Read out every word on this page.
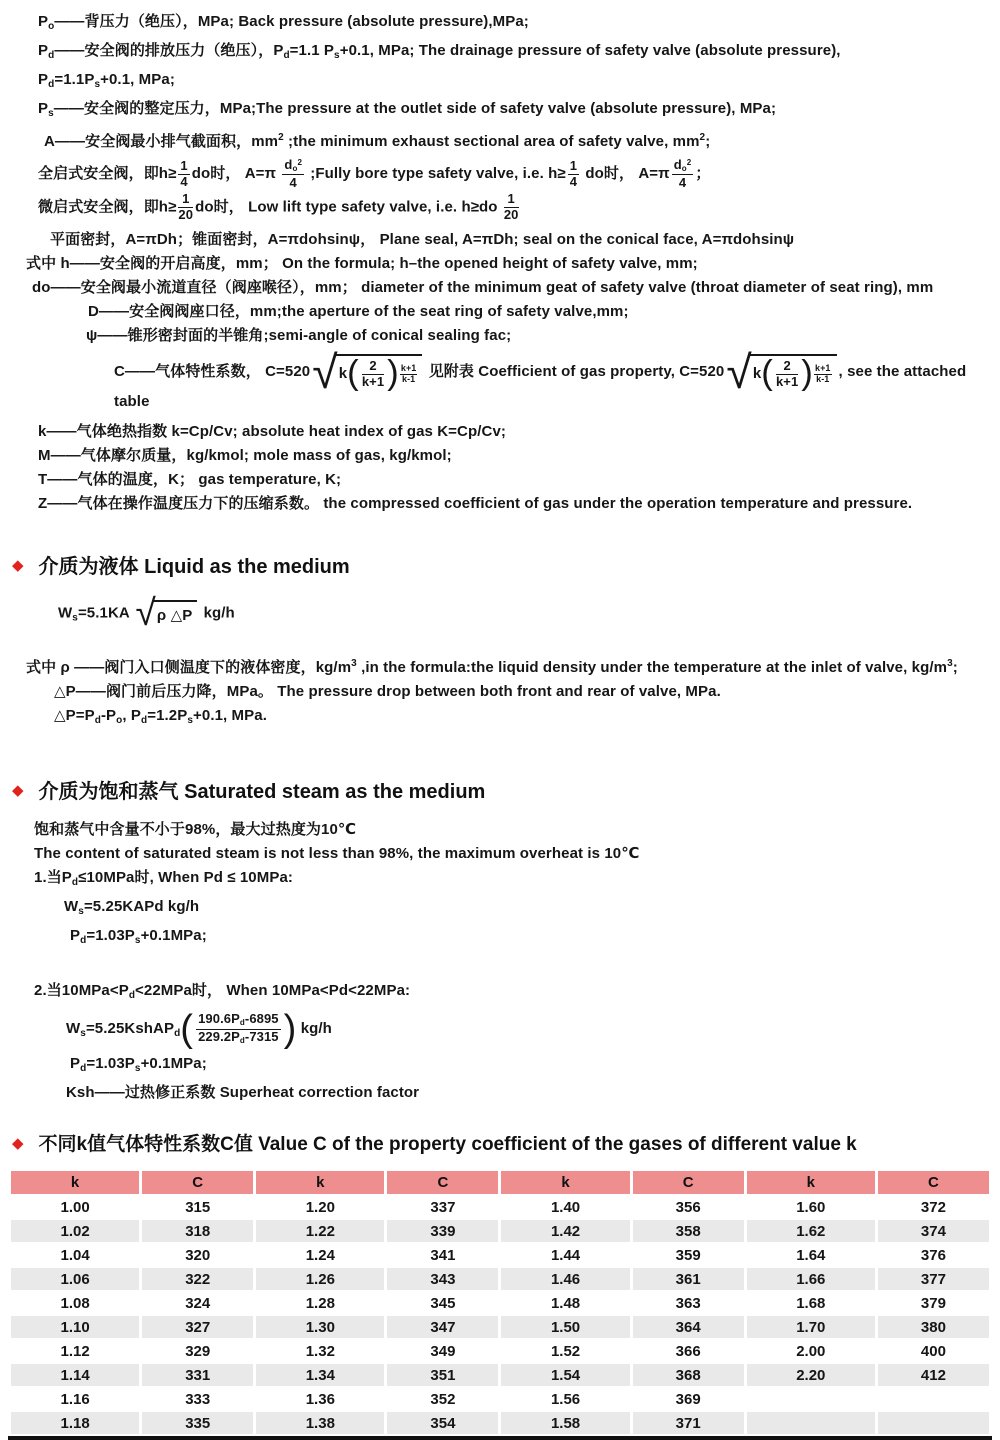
$P_o——$背压力（绝压），MPa; Back pressure (absolute pressure),MPa;
$P_d——$安全阀的排放压力（绝压），$P_d=1.1$ $P_s+0.1$, MPa; The drainage pressure of safety valve (absolute pressure),
$P_d=1.1P_s+0.1$, MPa;
$P_s——$安全阀的整定压力，MPa;The pressure at the outlet side of safety valve (absolute pressure), MPa;
A——安全阀最小排气截面积，$mm^2$ ;the minimum exhaust sectional area of safety valve, $mm^2$;
全启式安全阀，即$h\ge \frac{1}{4}$ do时， $A=\pi \frac{d_o^2}{4}$ ;Fully bore type safety valve, i.e. $h\ge \frac{1}{4}$ do时， $A=\pi \frac{d_o^2}{4}$ ；
微启式安全阀，即$h\ge \frac{1}{20}$ do时， Low lift type safety valve, i.e. $h\ge do \frac{1}{20}$
平面密封，A=πDh；锥面密封，A=πdohsinψ， Plane seal, A=πDh; seal on the conical face, A=πdohsinψ
式中 h——安全阀的开启高度，mm； On the formula; h–the opened height of safety valve, mm;
do——安全阀最小流道直径（阀座喉径），mm； diameter of the minimum geat of safety valve (throat diameter of seat ring), mm
D——安全阀阀座口径，mm;the aperture of the seat ring of safety valve,mm;
ψ——锥形密封面的半锥角;semi-angle of conical sealing fac;
C——气体特性系数， C=520 √ k ( $\frac{2}{k+1}$ ) k+1
k-1 见附表 Coefficient of gas property, C=520 √ k ( $\frac{2}{k+1}$ ) k+1
k-1 , see the attached table
k——气体绝热指数 k=Cp/Cv; absolute heat index of gas K=Cp/Cv;
M——气体摩尔质量，kg/kmol; mole mass of gas, kg/kmol;
T——气体的温度，K； gas temperature, K;
Z——气体在操作温度压力下的压缩系数。 the compressed coefficient of gas under the operation temperature and pressure.
◆ 介质为液体 Liquid as the medium
$W_s=5.1KA$ √ ρ △P kg/h
式中 ρ ——阀门入口侧温度下的液体密度，$kg/m^3$ ,in the formula:the liquid density under the temperature at the inlet of valve, $kg/m^3$;
△P——阀门前后压力降，MPa。 The pressure drop between both front and rear of valve, MPa.
$\triangle P=P_d-P_o$, $P_d=1.2P_s+0.1$, MPa.
◆ 介质为饱和蒸气 Saturated steam as the medium
饱和蒸气中含量不小于98%，最大过热度为10℃
The content of saturated steam is not less than 98%, the maximum overheat is 10℃
1.当$P_d\le 10MPa$时, When Pd ≤ 10MPa:
$W_s=5.25KAPd$ kg/h
$P_d=1.03P_s+0.1MPa$;
2.当$10MPa<P_d<22MPa$时， When 10MPa<Pd<22MPa:
$W_s=5.25KshAP_d$ ( $\frac{190.6P_d-6895}{229.2P_d-7315}$ ) kg/h
$P_d=1.03P_s+0.1MPa$;
Ksh——过热修正系数 Superheat correction factor
◆ 不同k值气体特性系数C值 Value C of the property coefficient of the gases of different value k
k	C	k	C	k	C	k	C
1.00	315	1.20	337	1.40	356	1.60	372
1.02	318	1.22	339	1.42	358	1.62	374
1.04	320	1.24	341	1.44	359	1.64	376
1.06	322	1.26	343	1.46	361	1.66	377
1.08	324	1.28	345	1.48	363	1.68	379
1.10	327	1.30	347	1.50	364	1.70	380
1.12	329	1.32	349	1.52	366	2.00	400
1.14	331	1.34	351	1.54	368	2.20	412
1.16	333	1.36	352	1.56	369		
1.18	335	1.38	354	1.58	371		
